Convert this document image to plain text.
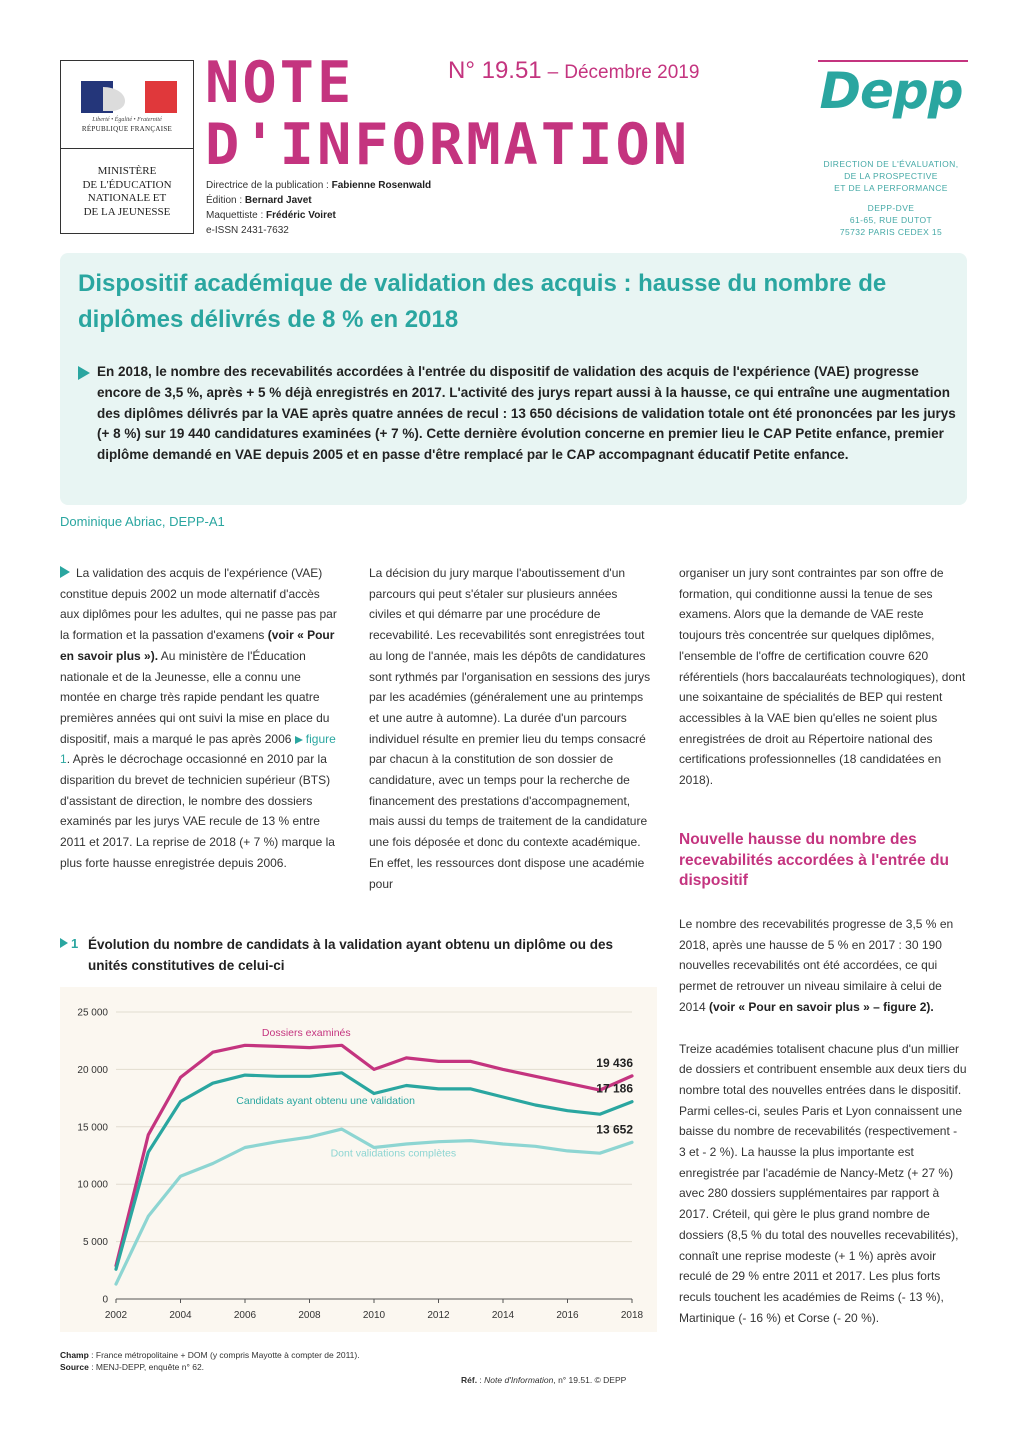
Liberté • Égalité • Fraternité
RÉPUBLIQUE FRANÇAISE
MINISTÈRE
DE L'ÉDUCATION
NATIONALE ET
DE LA JEUNESSE
NOTE
D'INFORMATION
N° 19.51 – Décembre 2019
Directrice de la publication : Fabienne Rosenwald
Édition : Bernard Javet
Maquettiste : Frédéric Voiret
e-ISSN 2431-7632
Depp
DIRECTION DE L'ÉVALUATION,
DE LA PROSPECTIVE
ET DE LA PERFORMANCE
DEPP-DVE
61-65, RUE DUTOT
75732 PARIS CEDEX 15
Dispositif académique de validation des acquis : hausse du nombre de diplômes délivrés de 8 % en 2018
En 2018, le nombre des recevabilités accordées à l'entrée du dispositif de validation des acquis de l'expérience (VAE) progresse encore de 3,5 %, après + 5 % déjà enregistrés en 2017. L'activité des jurys repart aussi à la hausse, ce qui entraîne une augmentation des diplômes délivrés par la VAE après quatre années de recul : 13 650 décisions de validation totale ont été prononcées par les jurys (+ 8 %) sur 19 440 candidatures examinées (+ 7 %). Cette dernière évolution concerne en premier lieu le CAP Petite enfance, premier diplôme demandé en VAE depuis 2005 et en passe d'être remplacé par le CAP accompagnant éducatif Petite enfance.
Dominique Abriac, DEPP-A1
La validation des acquis de l'expérience (VAE) constitue depuis 2002 un mode alternatif d'accès aux diplômes pour les adultes, qui ne passe pas par la formation et la passation d'examens (voir « Pour en savoir plus »). Au ministère de l'Éducation nationale et de la Jeunesse, elle a connu une montée en charge très rapide pendant les quatre premières années qui ont suivi la mise en place du dispositif, mais a marqué le pas après 2006 figure 1. Après le décrochage occasionné en 2010 par la disparition du brevet de technicien supérieur (BTS) d'assistant de direction, le nombre des dossiers examinés par les jurys VAE recule de 13 % entre 2011 et 2017. La reprise de 2018 (+ 7 %) marque la plus forte hausse enregistrée depuis 2006.
La décision du jury marque l'aboutissement d'un parcours qui peut s'étaler sur plusieurs années civiles et qui démarre par une procédure de recevabilité. Les recevabilités sont enregistrées tout au long de l'année, mais les dépôts de candidatures sont rythmés par l'organisation en sessions des jurys par les académies (généralement une au printemps et une autre à automne). La durée d'un parcours individuel résulte en premier lieu du temps consacré par chacun à la constitution de son dossier de candidature, avec un temps pour la recherche de financement des prestations d'accompagnement, mais aussi du temps de traitement de la candidature une fois déposée et donc du contexte académique. En effet, les ressources dont dispose une académie pour
organiser un jury sont contraintes par son offre de formation, qui conditionne aussi la tenue de ses examens. Alors que la demande de VAE reste toujours très concentrée sur quelques diplômes, l'ensemble de l'offre de certification couvre 620 référentiels (hors baccalauréats technologiques), dont une soixantaine de spécialités de BEP qui restent accessibles à la VAE bien qu'elles ne soient plus enregistrées de droit au Répertoire national des certifications professionnelles (18 candidatées en 2018).
Nouvelle hausse du nombre des recevabilités accordées à l'entrée du dispositif

Le nombre des recevabilités progresse de 3,5 % en 2018, après une hausse de 5 % en 2017 : 30 190 nouvelles recevabilités ont été accordées, ce qui permet de retrouver un niveau similaire à celui de 2014 (voir « Pour en savoir plus » – figure 2).

Treize académies totalisent chacune plus d'un millier de dossiers et contribuent ensemble aux deux tiers du nombre total des nouvelles entrées dans le dispositif. Parmi celles-ci, seules Paris et Lyon connaissent une baisse du nombre de recevabilités (respectivement - 3 et - 2 %). La hausse la plus importante est enregistrée par l'académie de Nancy-Metz (+ 27 %) avec 280 dossiers supplémentaires par rapport à 2017. Créteil, qui gère le plus grand nombre de dossiers (8,5 % du total des nouvelles recevabilités), connaît une reprise modeste (+ 1 %) après avoir reculé de 29 % entre 2011 et 2017. Les plus forts reculs touchent les académies de Reims (- 13 %), Martinique (- 16 %) et Corse (- 20 %).

1 Évolution du nombre de candidats à la validation ayant obtenu un diplôme ou des unités constitutives de celui-ci
0
5 000
10 000
15 000
20 000
25 000
2002	2004	2006	2008	2010	2012	2014	2016	2018
Dossiers examinés
19 436
Candidats ayant obtenu une validation
17 186
Dont validations complètes
13 652
Champ : France métropolitaine + DOM (y compris Mayotte à compter de 2011).
Source : MENJ-DEPP, enquête n° 62.
Réf. : Note d'Information, n° 19.51. © DEPP
